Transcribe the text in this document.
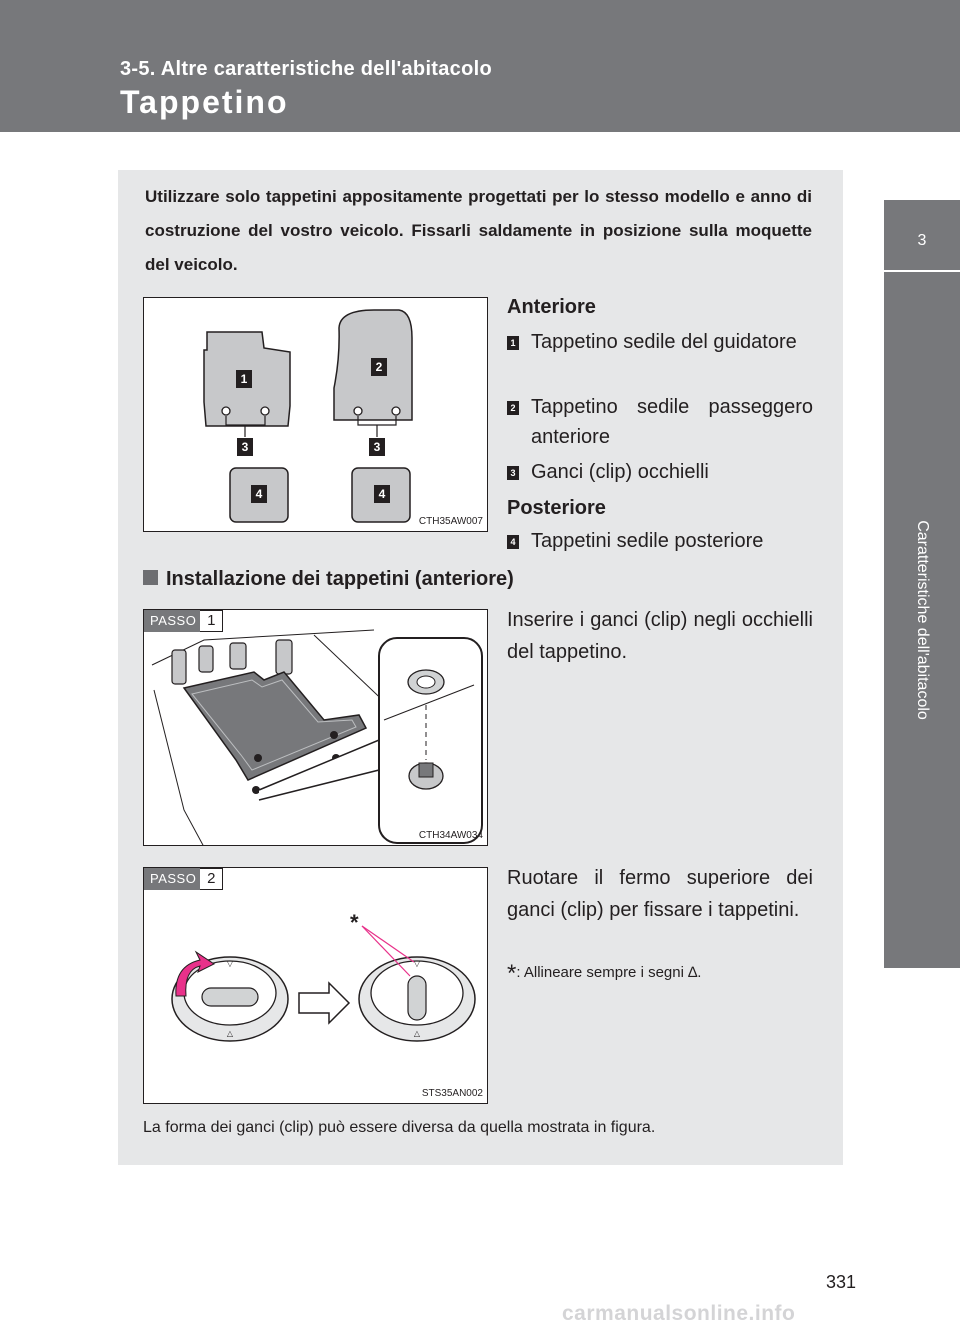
3-5. Altre caratteristiche dell'abitacolo

Tappetino

3
Caratteristiche dell'abitacolo

Utilizzare solo tappetini appositamente progettati per lo stesso modello e anno di costruzione del vostro veicolo. Fissarli saldamente in posizione sulla moquette del veicolo.

1
2
3	3
4	4
CTH35AW007

Anteriore

1 Tappetino sedile del guidatore
2 Tappetino sedile passeggero anteriore
3 Ganci (clip) occhielli

Posteriore

4 Tappetini sedile posteriore

Installazione dei tappetini (anteriore)

PASSO 1
CTH34AW034

Inserire i ganci (clip) negli occhielli del tappetino.

▽
△
▽
△
*
PASSO 2
STS35AN002

Ruotare il fermo superiore dei ganci (clip) per fissare i tappetini.

*: Allineare sempre i segni ∆.

La forma dei ganci (clip) può essere diversa da quella mostrata in figura.

331
carmanualsonline.info
